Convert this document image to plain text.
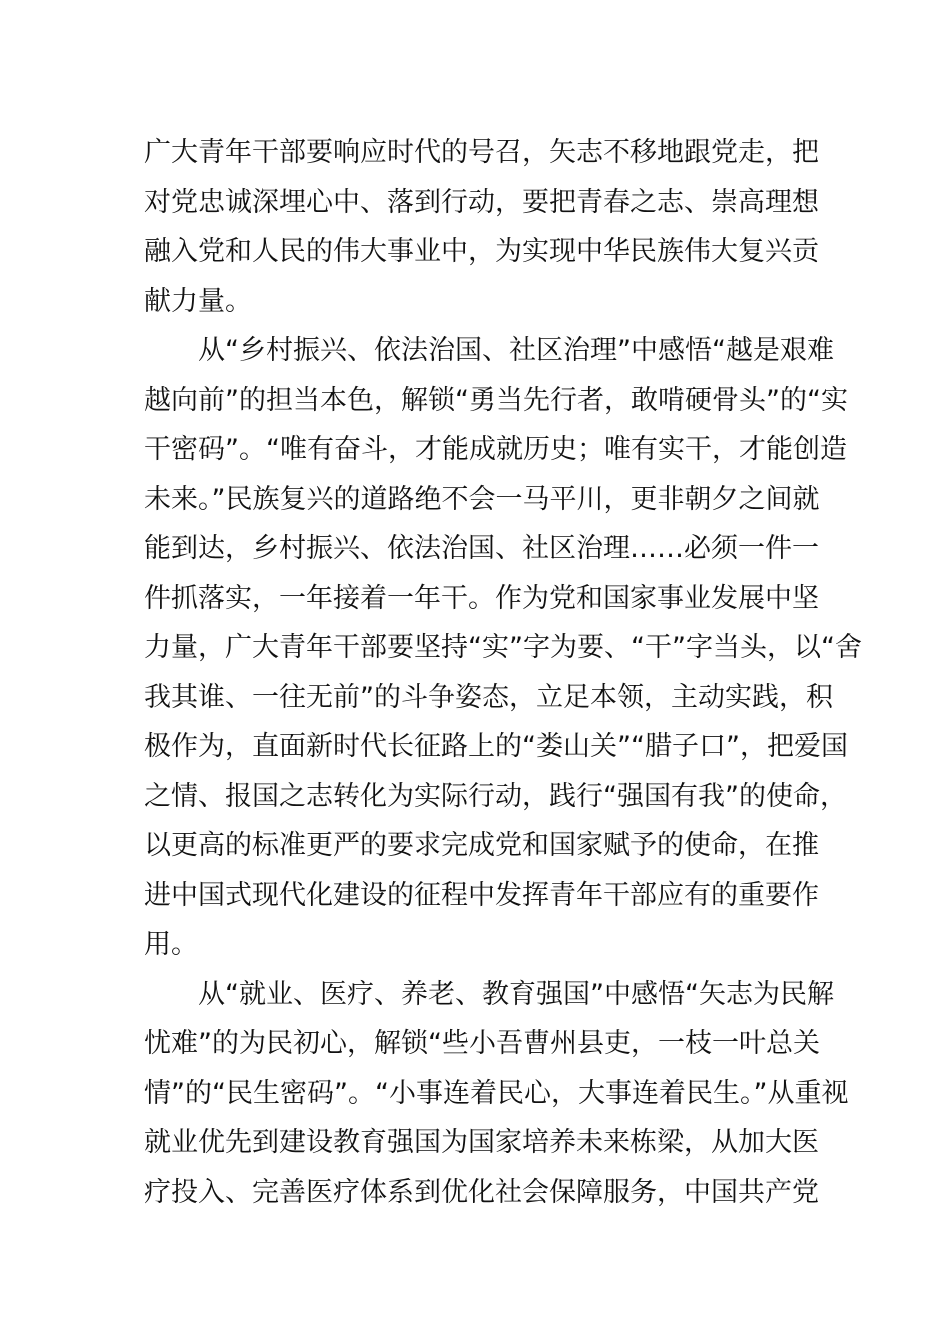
广大青年干部要响应时代的号召，矢志不移地跟党走，把
对党忠诚深埋心中、落到行动，要把青春之志、崇高理想
融入党和人民的伟大事业中，为实现中华民族伟大复兴贡
献力量。
从“乡村振兴、依法治国、社区治理”中感悟“越是艰难
越向前”的担当本色，解锁“勇当先行者，敢啃硬骨头”的“实
干密码”。“唯有奋斗，才能成就历史；唯有实干，才能创造
未来。”民族复兴的道路绝不会一马平川，更非朝夕之间就
能到达，乡村振兴、依法治国、社区治理……必须一件一
件抓落实，一年接着一年干。作为党和国家事业发展中坚
力量，广大青年干部要坚持“实”字为要、“干”字当头，以“舍
我其谁、一往无前”的斗争姿态，立足本领，主动实践，积
极作为，直面新时代长征路上的“娄山关”“腊子口”，把爱国
之情、报国之志转化为实际行动，践行“强国有我”的使命，
以更高的标准更严的要求完成党和国家赋予的使命，在推
进中国式现代化建设的征程中发挥青年干部应有的重要作
用。
从“就业、医疗、养老、教育强国”中感悟“矢志为民解
忧难”的为民初心，解锁“些小吾曹州县吏，一枝一叶总关
情”的“民生密码”。“小事连着民心，大事连着民生。”从重视
就业优先到建设教育强国为国家培养未来栋梁，从加大医
疗投入、完善医疗体系到优化社会保障服务，中国共产党
